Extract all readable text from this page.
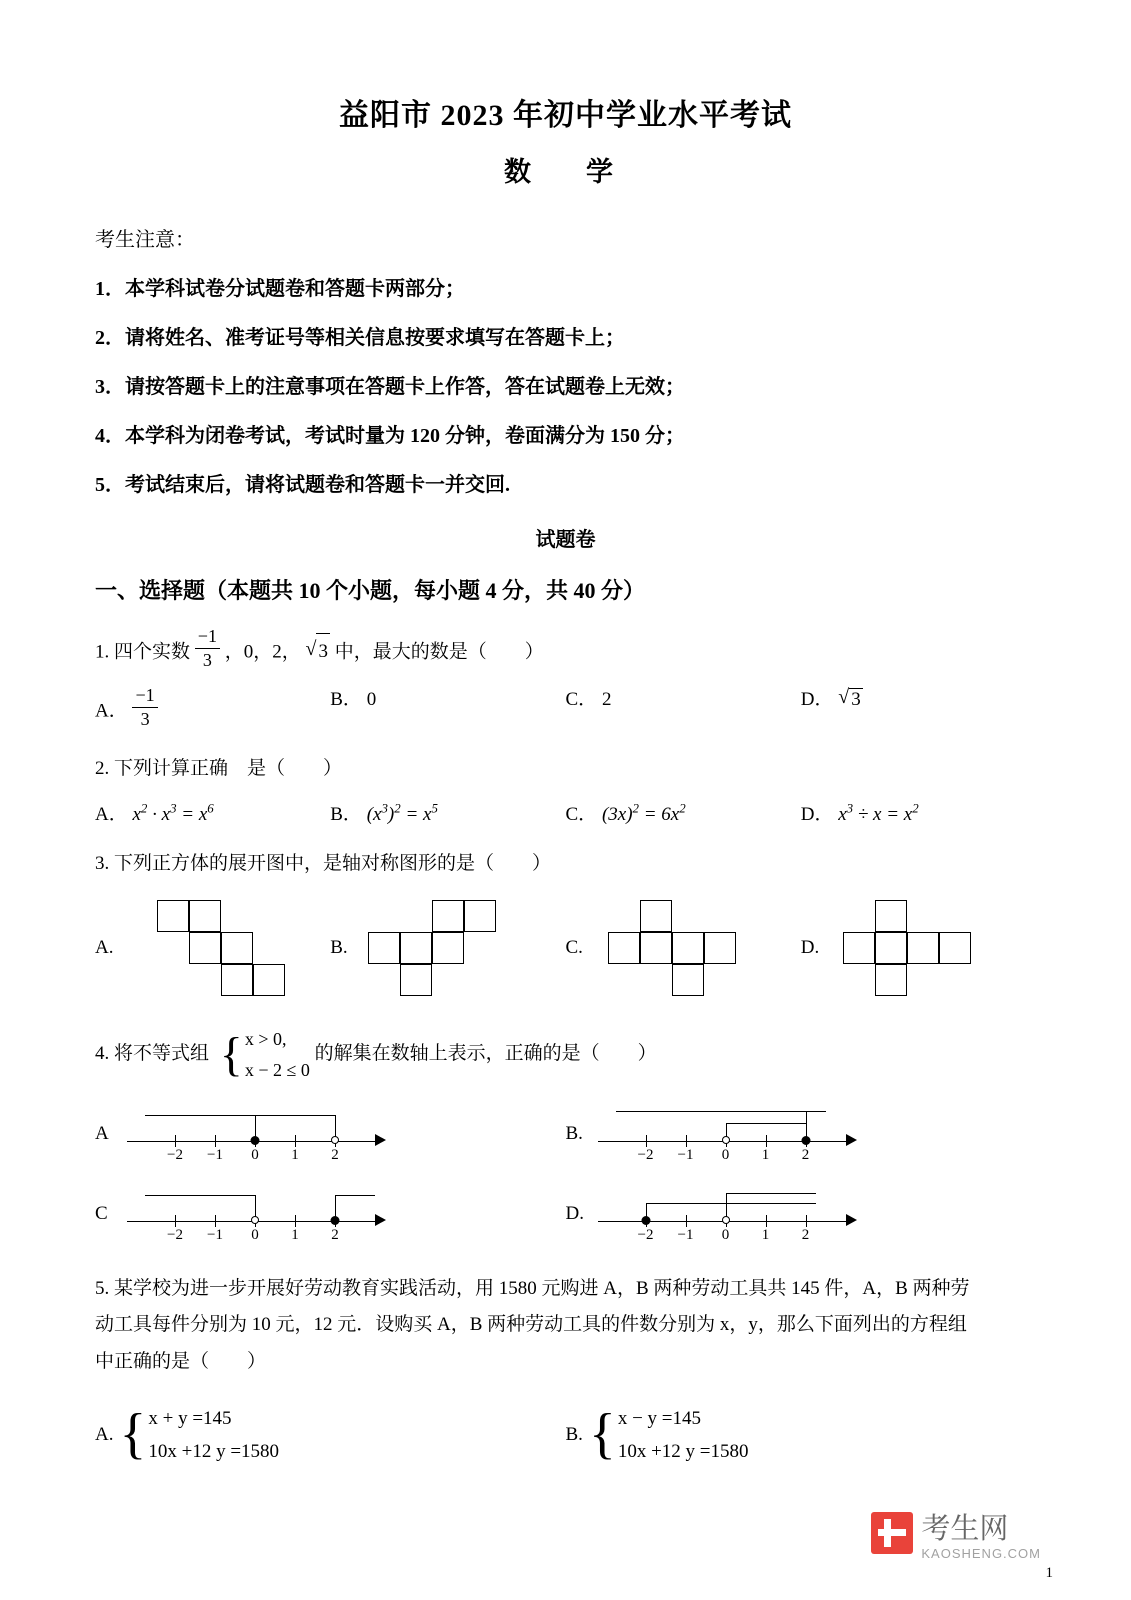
益阳市 2023 年初中学业水平考试
数　学
考生注意：
1．本学科试卷分试题卷和答题卡两部分；
2．请将姓名、准考证号等相关信息按要求填写在答题卡上；
3．请按答题卡上的注意事项在答题卡上作答，答在试题卷上无效；
4．本学科为闭卷考试，考试时量为 120 分钟，卷面满分为 150 分；
5．考试结束后，请将试题卷和答题卡一并交回.
试题卷
一、选择题（本题共 10 个小题，每小题 4 分，共 40 分）
1. 四个实数 $\frac{-1}{3}$ ，0，2， √ 3 中，最大的数是（　　）
A． $\frac{-1}{3}$	B． 0	C． 2	D． √ 3
2. 下列计算正确　是（　　）
A． $x^2 \cdot x^3 = x^6$	B． $(x^3)^2 = x^5$	C． $(3x)^2 = 6x^2$	D． $x^3 \div x = x^2$
3. 下列正方体的展开图中，是轴对称图形的是（　　）
A.	B.	C.	D.
4. 将不等式组 { x > 0,
x − 2 ≤ 0
的解集在数轴上表示，正确的是（　　）
A
−2 −1 0 1 2
B.
−2 −1 0 1 2
C
−2 −1 0 1 2
D.
−2 −1 0 1 2
5. 某学校为进一步开展好劳动教育实践活动，用 1580 元购进 A，B 两种劳动工具共 145 件，A，B 两种劳
动工具每件分别为 10 元，12 元．设购买 A，B 两种劳动工具的件数分别为 x，y，那么下面列出的方程组
中正确的是（　　）
A. { x + y =145
10x +12 y =1580
B. { x − y =145
10x +12 y =1580
考生网
KAOSHENG.COM
1
